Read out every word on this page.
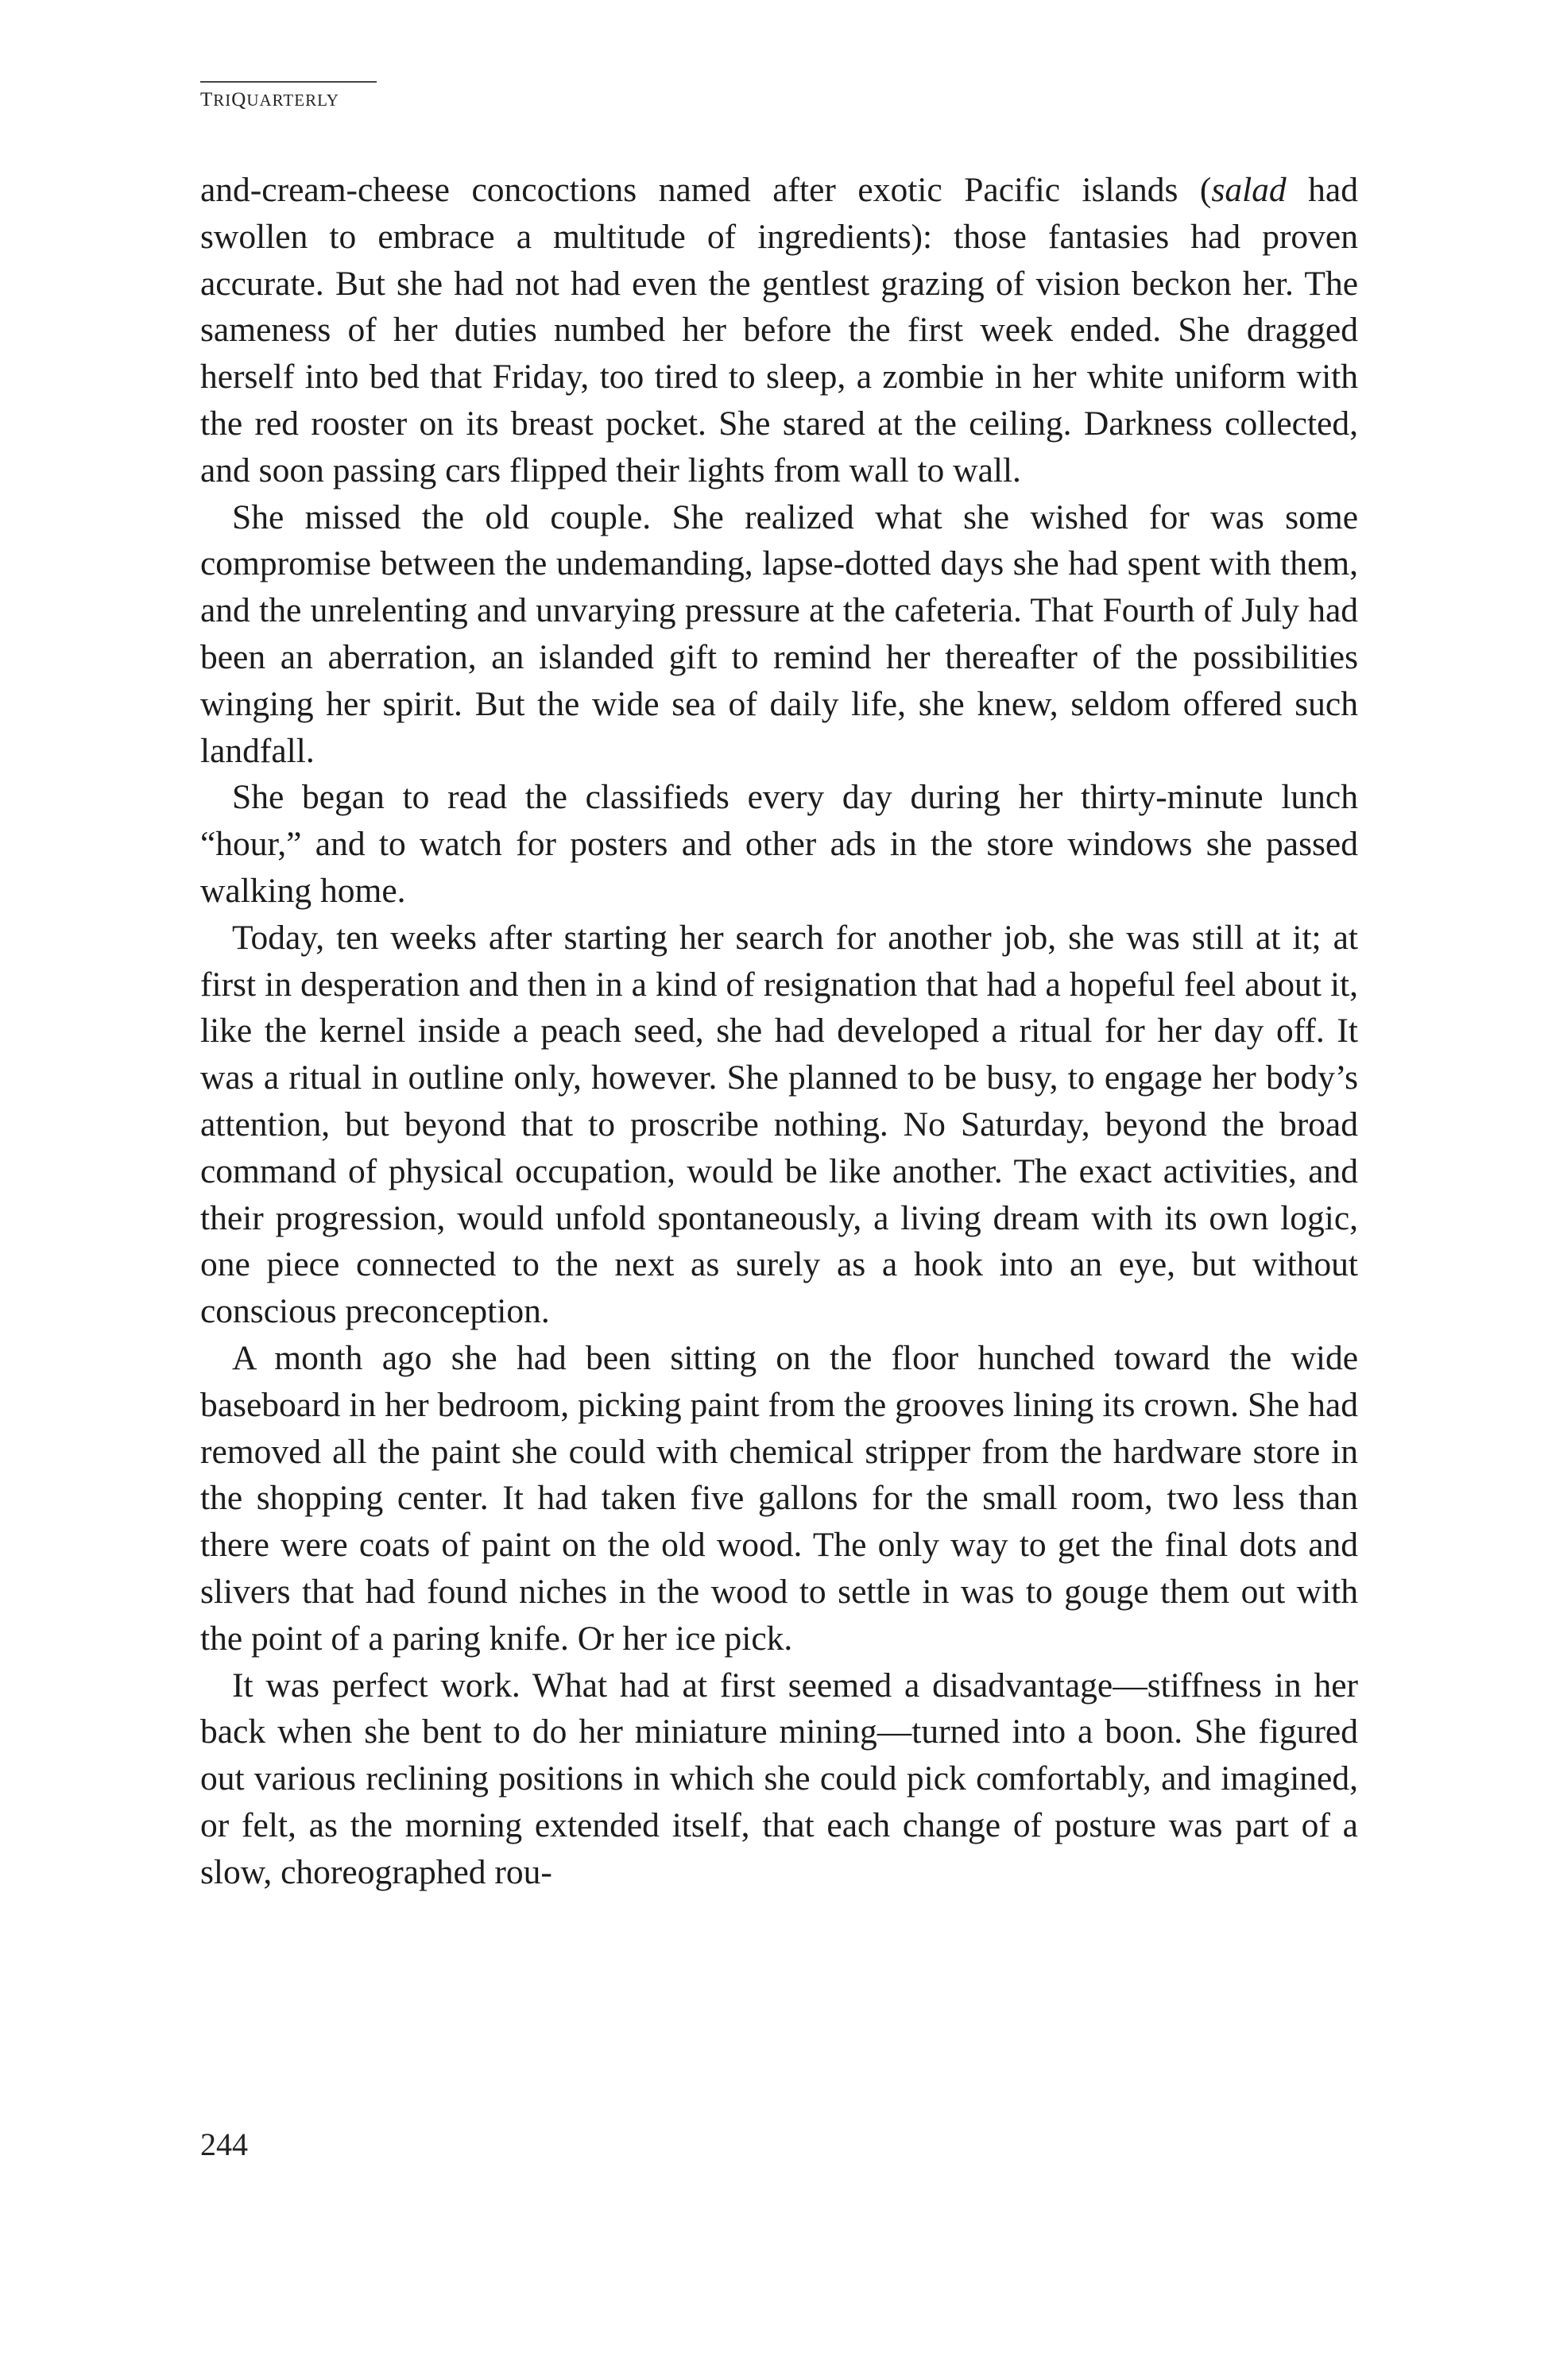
TRIQUARTERLY

and-cream-cheese concoctions named after exotic Pacific islands (salad had swollen to embrace a multitude of ingredients): those fantasies had proven accurate. But she had not had even the gentlest grazing of vision beckon her. The sameness of her duties numbed her before the first week ended. She dragged herself into bed that Friday, too tired to sleep, a zombie in her white uniform with the red rooster on its breast pocket. She stared at the ceiling. Darkness collected, and soon passing cars flipped their lights from wall to wall.

She missed the old couple. She realized what she wished for was some compromise between the undemanding, lapse-dotted days she had spent with them, and the unrelenting and unvarying pressure at the cafeteria. That Fourth of July had been an aberration, an islanded gift to remind her thereafter of the possibilities winging her spirit. But the wide sea of daily life, she knew, seldom offered such landfall.

She began to read the classifieds every day during her thirty-minute lunch “hour,” and to watch for posters and other ads in the store windows she passed walking home.

Today, ten weeks after starting her search for another job, she was still at it; at first in desperation and then in a kind of resignation that had a hopeful feel about it, like the kernel inside a peach seed, she had developed a ritual for her day off. It was a ritual in outline only, however. She planned to be busy, to engage her body’s attention, but beyond that to proscribe nothing. No Saturday, beyond the broad command of physical occupation, would be like another. The exact activities, and their progression, would unfold spontaneously, a living dream with its own logic, one piece connected to the next as surely as a hook into an eye, but without conscious preconception.

A month ago she had been sitting on the floor hunched toward the wide baseboard in her bedroom, picking paint from the grooves lining its crown. She had removed all the paint she could with chemical stripper from the hardware store in the shopping center. It had taken five gallons for the small room, two less than there were coats of paint on the old wood. The only way to get the final dots and slivers that had found niches in the wood to settle in was to gouge them out with the point of a paring knife. Or her ice pick.

It was perfect work. What had at first seemed a disadvantage—stiffness in her back when she bent to do her miniature mining—turned into a boon. She figured out various reclining positions in which she could pick comfortably, and imagined, or felt, as the morning extended itself, that each change of posture was part of a slow, choreographed rou-

244
